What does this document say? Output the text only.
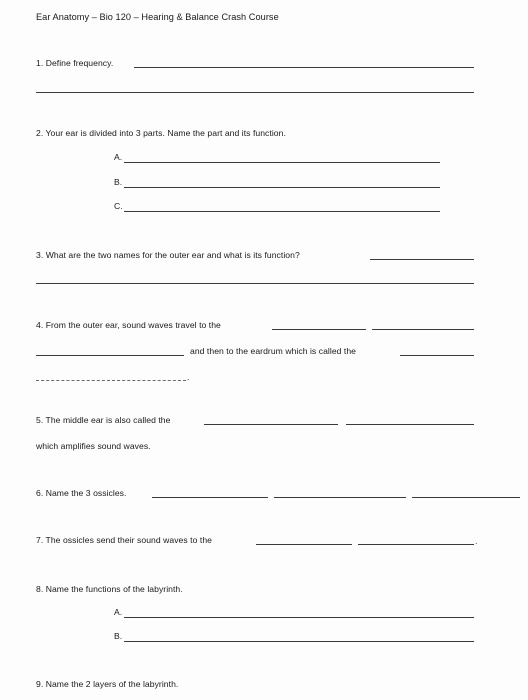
Ear Anatomy – Bio 120 – Hearing & Balance Crash Course
1. Define frequency.
2. Your ear is divided into 3 parts. Name the part and its function.
A.
B.
C.
3. What are the two names for the outer ear and what is its function?
4. From the outer ear, sound waves travel to the
and then to the eardrum which is called the
.
5. The middle ear is also called the
which amplifies sound waves.
6. Name the 3 ossicles.
7. The ossicles send their sound waves to the	.
8. Name the functions of the labyrinth.
A.
B.
9. Name the 2 layers of the labyrinth.
